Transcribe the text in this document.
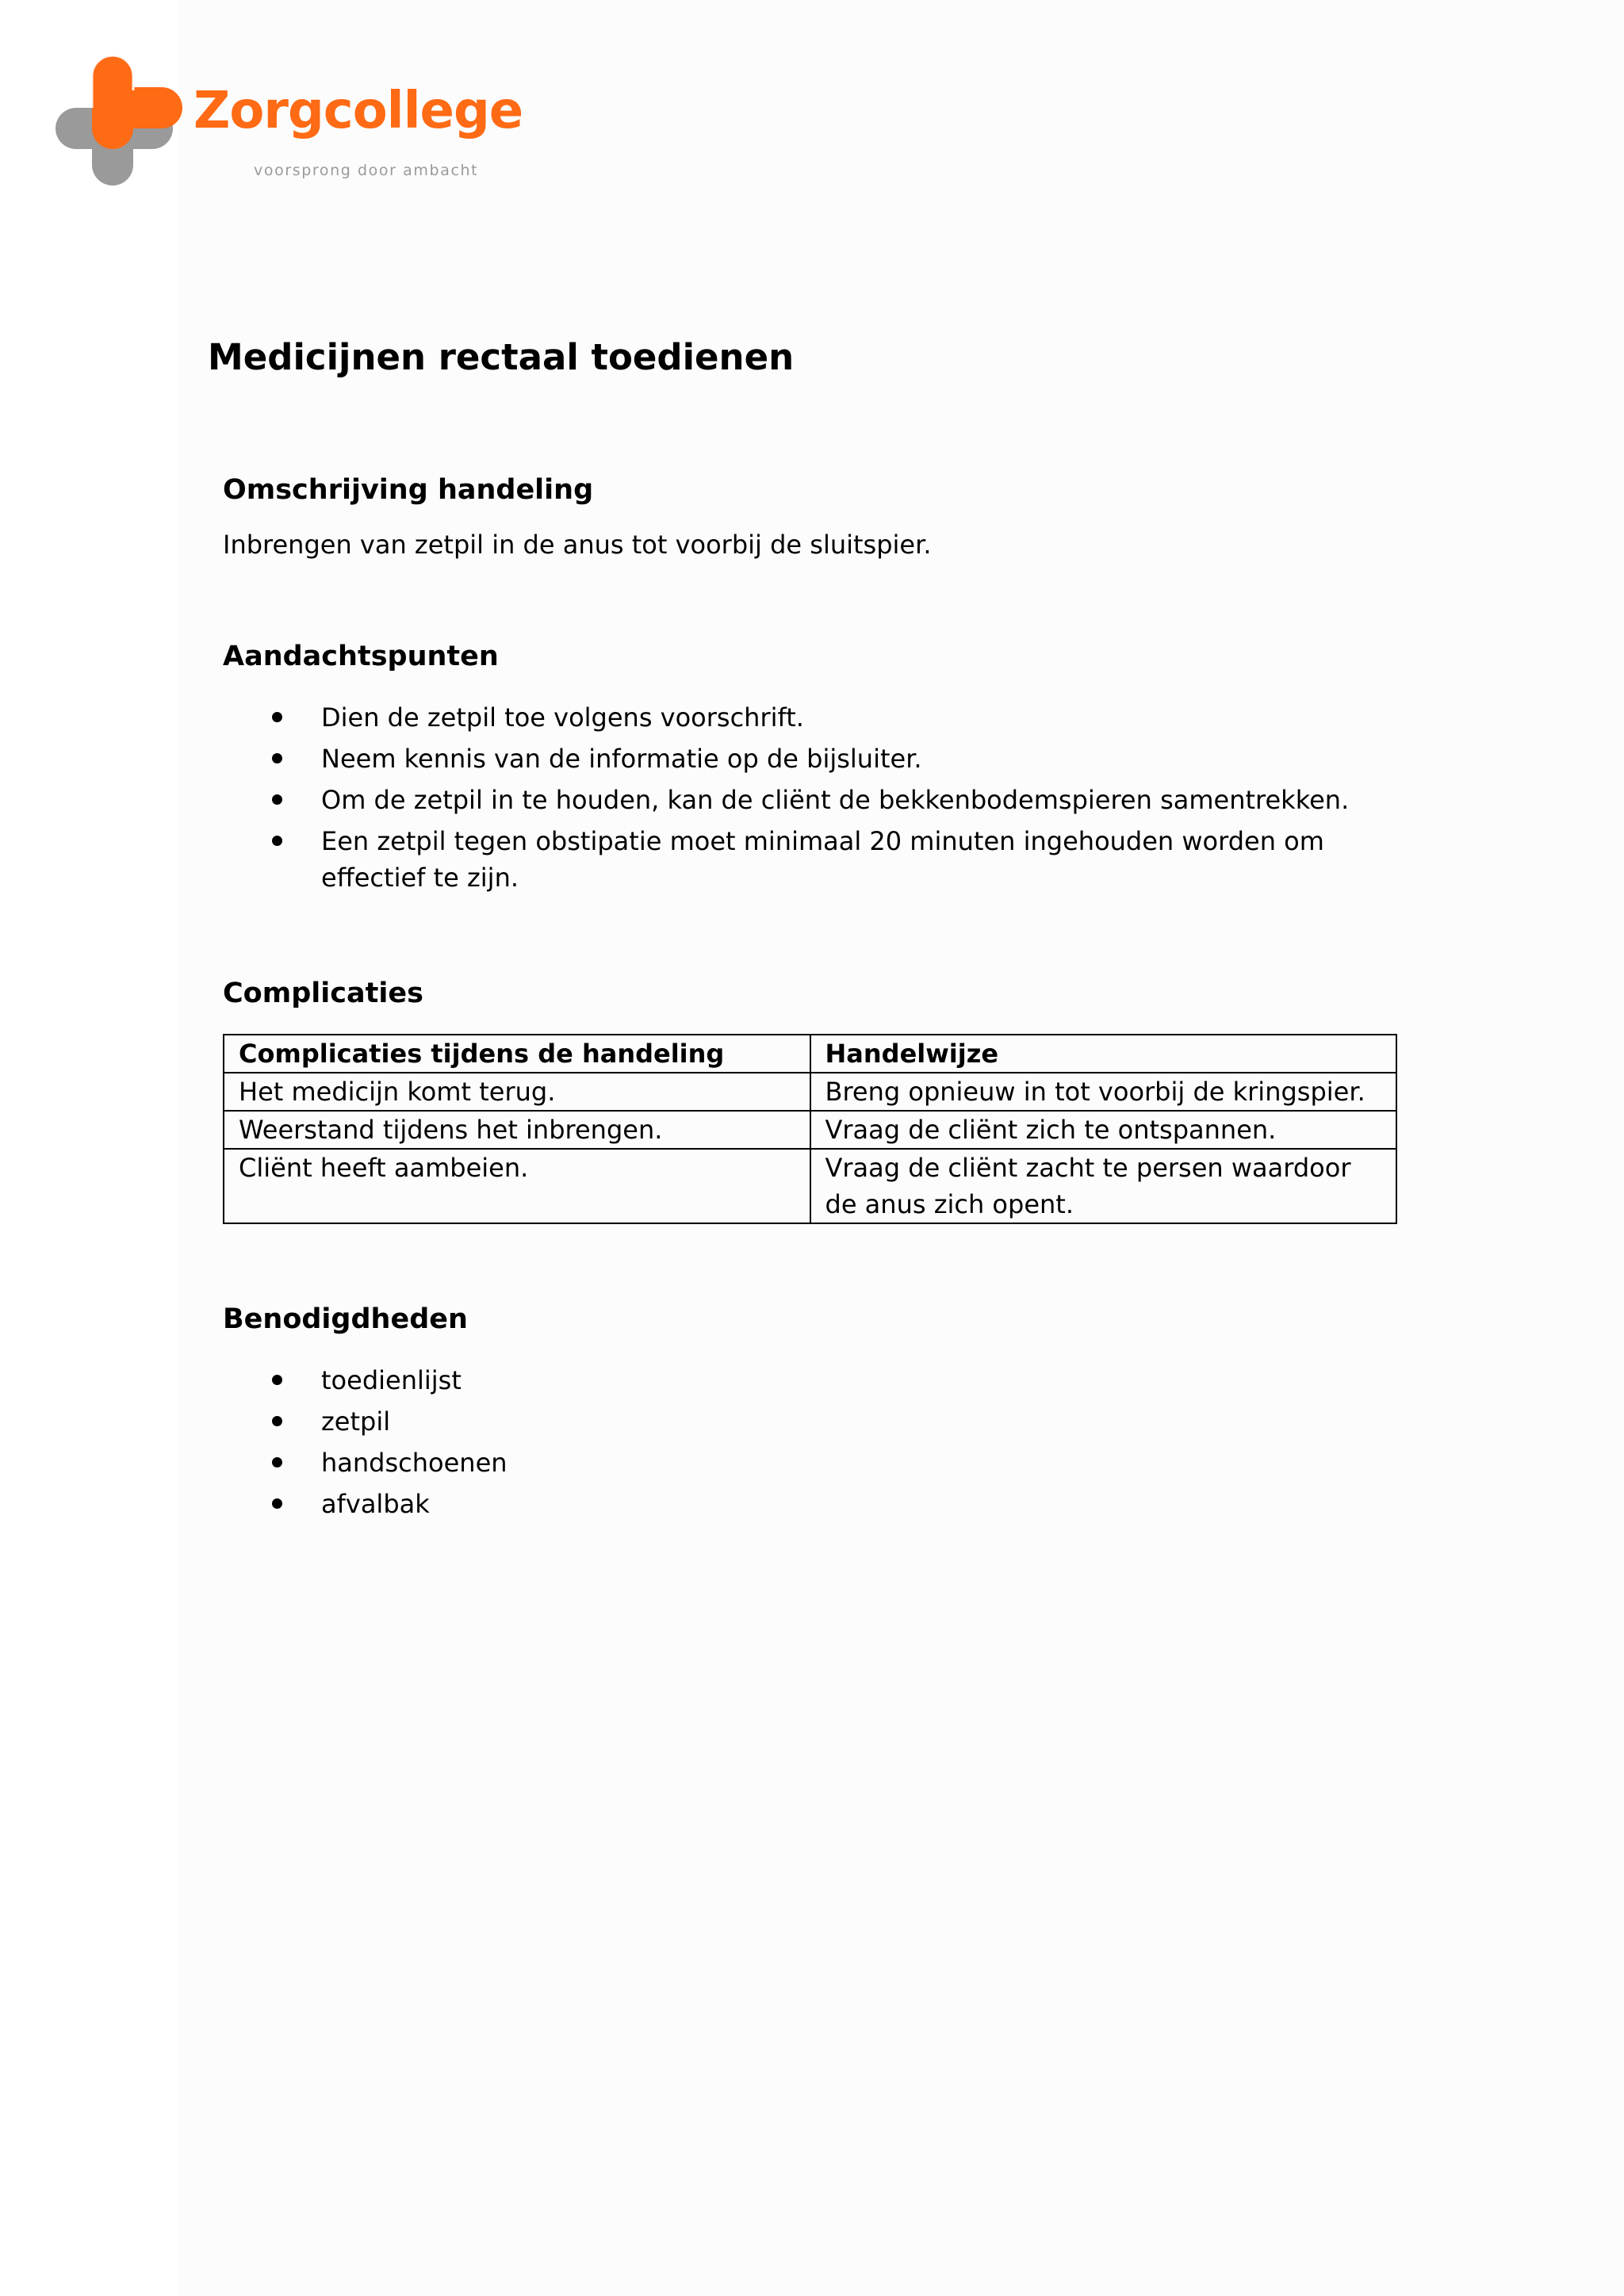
Zorgcollege
voorsprong door ambacht
Medicijnen rectaal toedienen
Omschrijving handeling

Inbrengen van zetpil in de anus tot voorbij de sluitspier.

Aandachtspunten
Dien de zetpil toe volgens voorschrift.
Neem kennis van de informatie op de bijsluiter.
Om de zetpil in te houden, kan de cliënt de bekkenbodemspieren samentrekken.
Een zetpil tegen obstipatie moet minimaal 20 minuten ingehouden worden om effectief te zijn.
Complicaties
Complicaties tijdens de handeling	Handelwijze
Het medicijn komt terug.	Breng opnieuw in tot voorbij de kringspier.
Weerstand tijdens het inbrengen.	Vraag de cliënt zich te ontspannen.
Cliënt heeft aambeien.	Vraag de cliënt zacht te persen waardoor de anus zich opent.
Benodigdheden
toedienlijst
zetpil
handschoenen
afvalbak
